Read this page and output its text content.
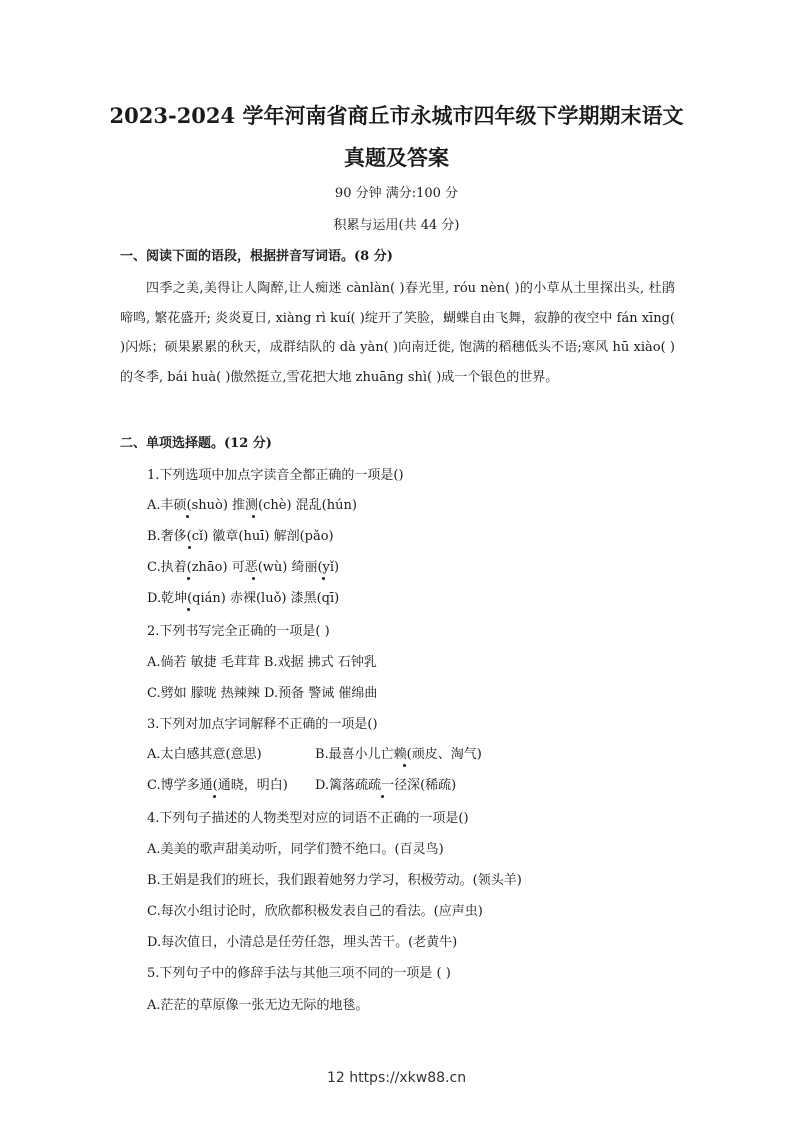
2023-2024 学年河南省商丘市永城市四年级下学期期末语文
真题及答案
90 分钟 满分:100 分
积累与运用(共 44 分)
一、阅读下面的语段，根据拼音写词语。(8 分)

四季之美,美得让人陶醉,让人痴迷 cànlàn( )春光里, róu nèn( )的小草从土里探出头, 杜鹃啼鸣, 繁花盛开; 炎炎夏日, xiàng rì kuí( )绽开了笑脸，蝴蝶自由飞舞，寂静的夜空中 fán xīng( )闪烁；硕果累累的秋天，成群结队的 dà yàn( )向南迁徙, 饱满的稻穗低头不语;寒风 hū xiào( )的冬季, bái huà( )傲然挺立,雪花把大地 zhuāng shì( )成一个银色的世界。

二、单项选择题。(12 分)
1.下列选项中加点字读音全都正确的一项是()
A.丰硕(shuò) 推测(chè) 混乱(hún)
B.奢侈(cǐ) 徽章(huī) 解剖(pǎo)
C.执着(zhāo) 可恶(wù) 绮丽(yǐ)
D.乾坤(qián) 赤裸(luǒ) 漆黑(qī)
2.下列书写完全正确的一项是( )
A.倘若 敏捷 毛茸茸 B.戏据 拂式 石钟乳
C.劈如 朦咙 热辣辣 D.预备 警诫 催绵曲
3.下列对加点字词解释不正确的一项是()
A.太白感其意(意思)	B.最喜小儿亡赖(顽皮、淘气)
C.博学多通(通晓，明白) D.篱落疏疏一径深(稀疏)
4.下列句子描述的人物类型对应的词语不正确的一项是()
A.美美的歌声甜美动听，同学们赞不绝口。(百灵鸟)
B.王娟是我们的班长，我们跟着她努力学习，积极劳动。(领头羊)
C.每次小组讨论时，欣欣都积极发表自己的看法。(应声虫)
D.每次值日，小清总是任劳任怨，埋头苦干。(老黄牛)
5.下列句子中的修辞手法与其他三项不同的一项是 ( )
A.茫茫的草原像一张无边无际的地毯。
12 https://xkw88.cn
